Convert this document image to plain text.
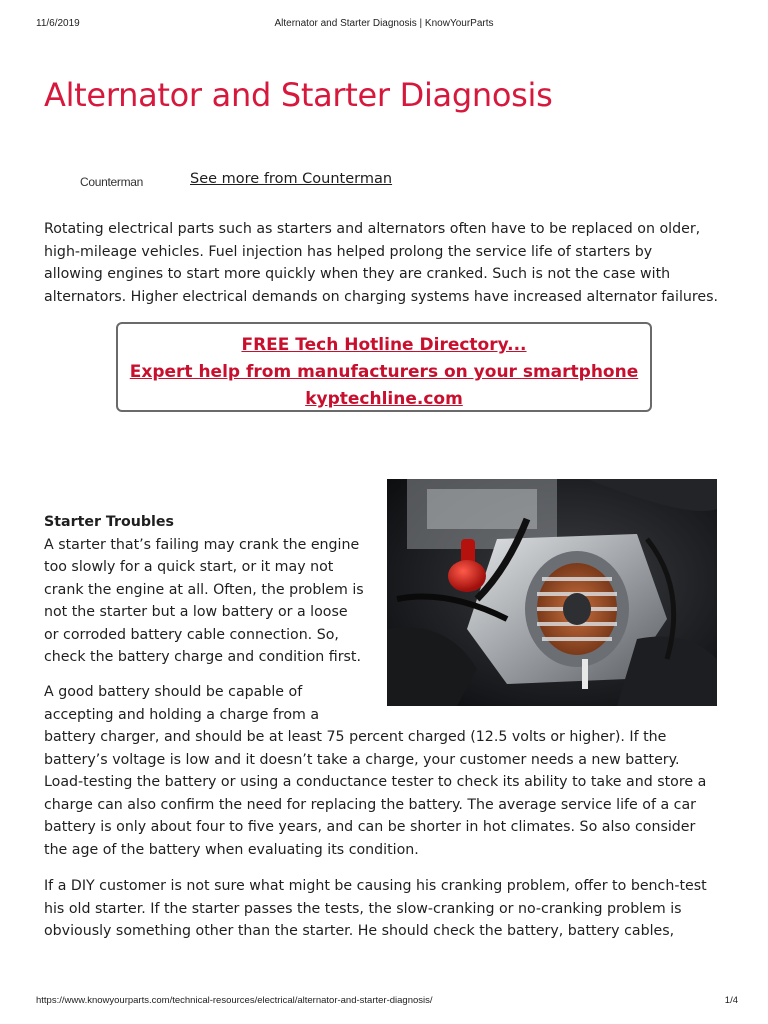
11/6/2019	Alternator and Starter Diagnosis | KnowYourParts
Alternator and Starter Diagnosis
Counterman	See more from Counterman

Rotating electrical parts such as starters and alternators often have to be replaced on older,
high-mileage vehicles. Fuel injection has helped prolong the service life of starters by
allowing engines to start more quickly when they are cranked. Such is not the case with
alternators. Higher electrical demands on charging systems have increased alternator failures.

FREE Tech Hotline Directory...
Expert help from manufacturers on your smartphone
kyptechline.com

Starter Troubles
A starter that’s failing may crank the engine
too slowly for a quick start, or it may not
crank the engine at all. Often, the problem is
not the starter but a low battery or a loose
or corroded battery cable connection. So,
check the battery charge and condition first.

A good battery should be capable of
accepting and holding a charge from a
battery charger, and should be at least 75 percent charged (12.5 volts or higher). If the
battery’s voltage is low and it doesn’t take a charge, your customer needs a new battery.
Load-testing the battery or using a conductance tester to check its ability to take and store a
charge can also confirm the need for replacing the battery. The average service life of a car
battery is only about four to five years, and can be shorter in hot climates. So also consider
the age of the battery when evaluating its condition.

If a DIY customer is not sure what might be causing his cranking problem, offer to bench-test
his old starter. If the starter passes the tests, the slow-cranking or no-cranking problem is
obviously something other than the starter. He should check the battery, battery cables,

https://www.knowyourparts.com/technical-resources/electrical/alternator-and-starter-diagnosis/	1/4
